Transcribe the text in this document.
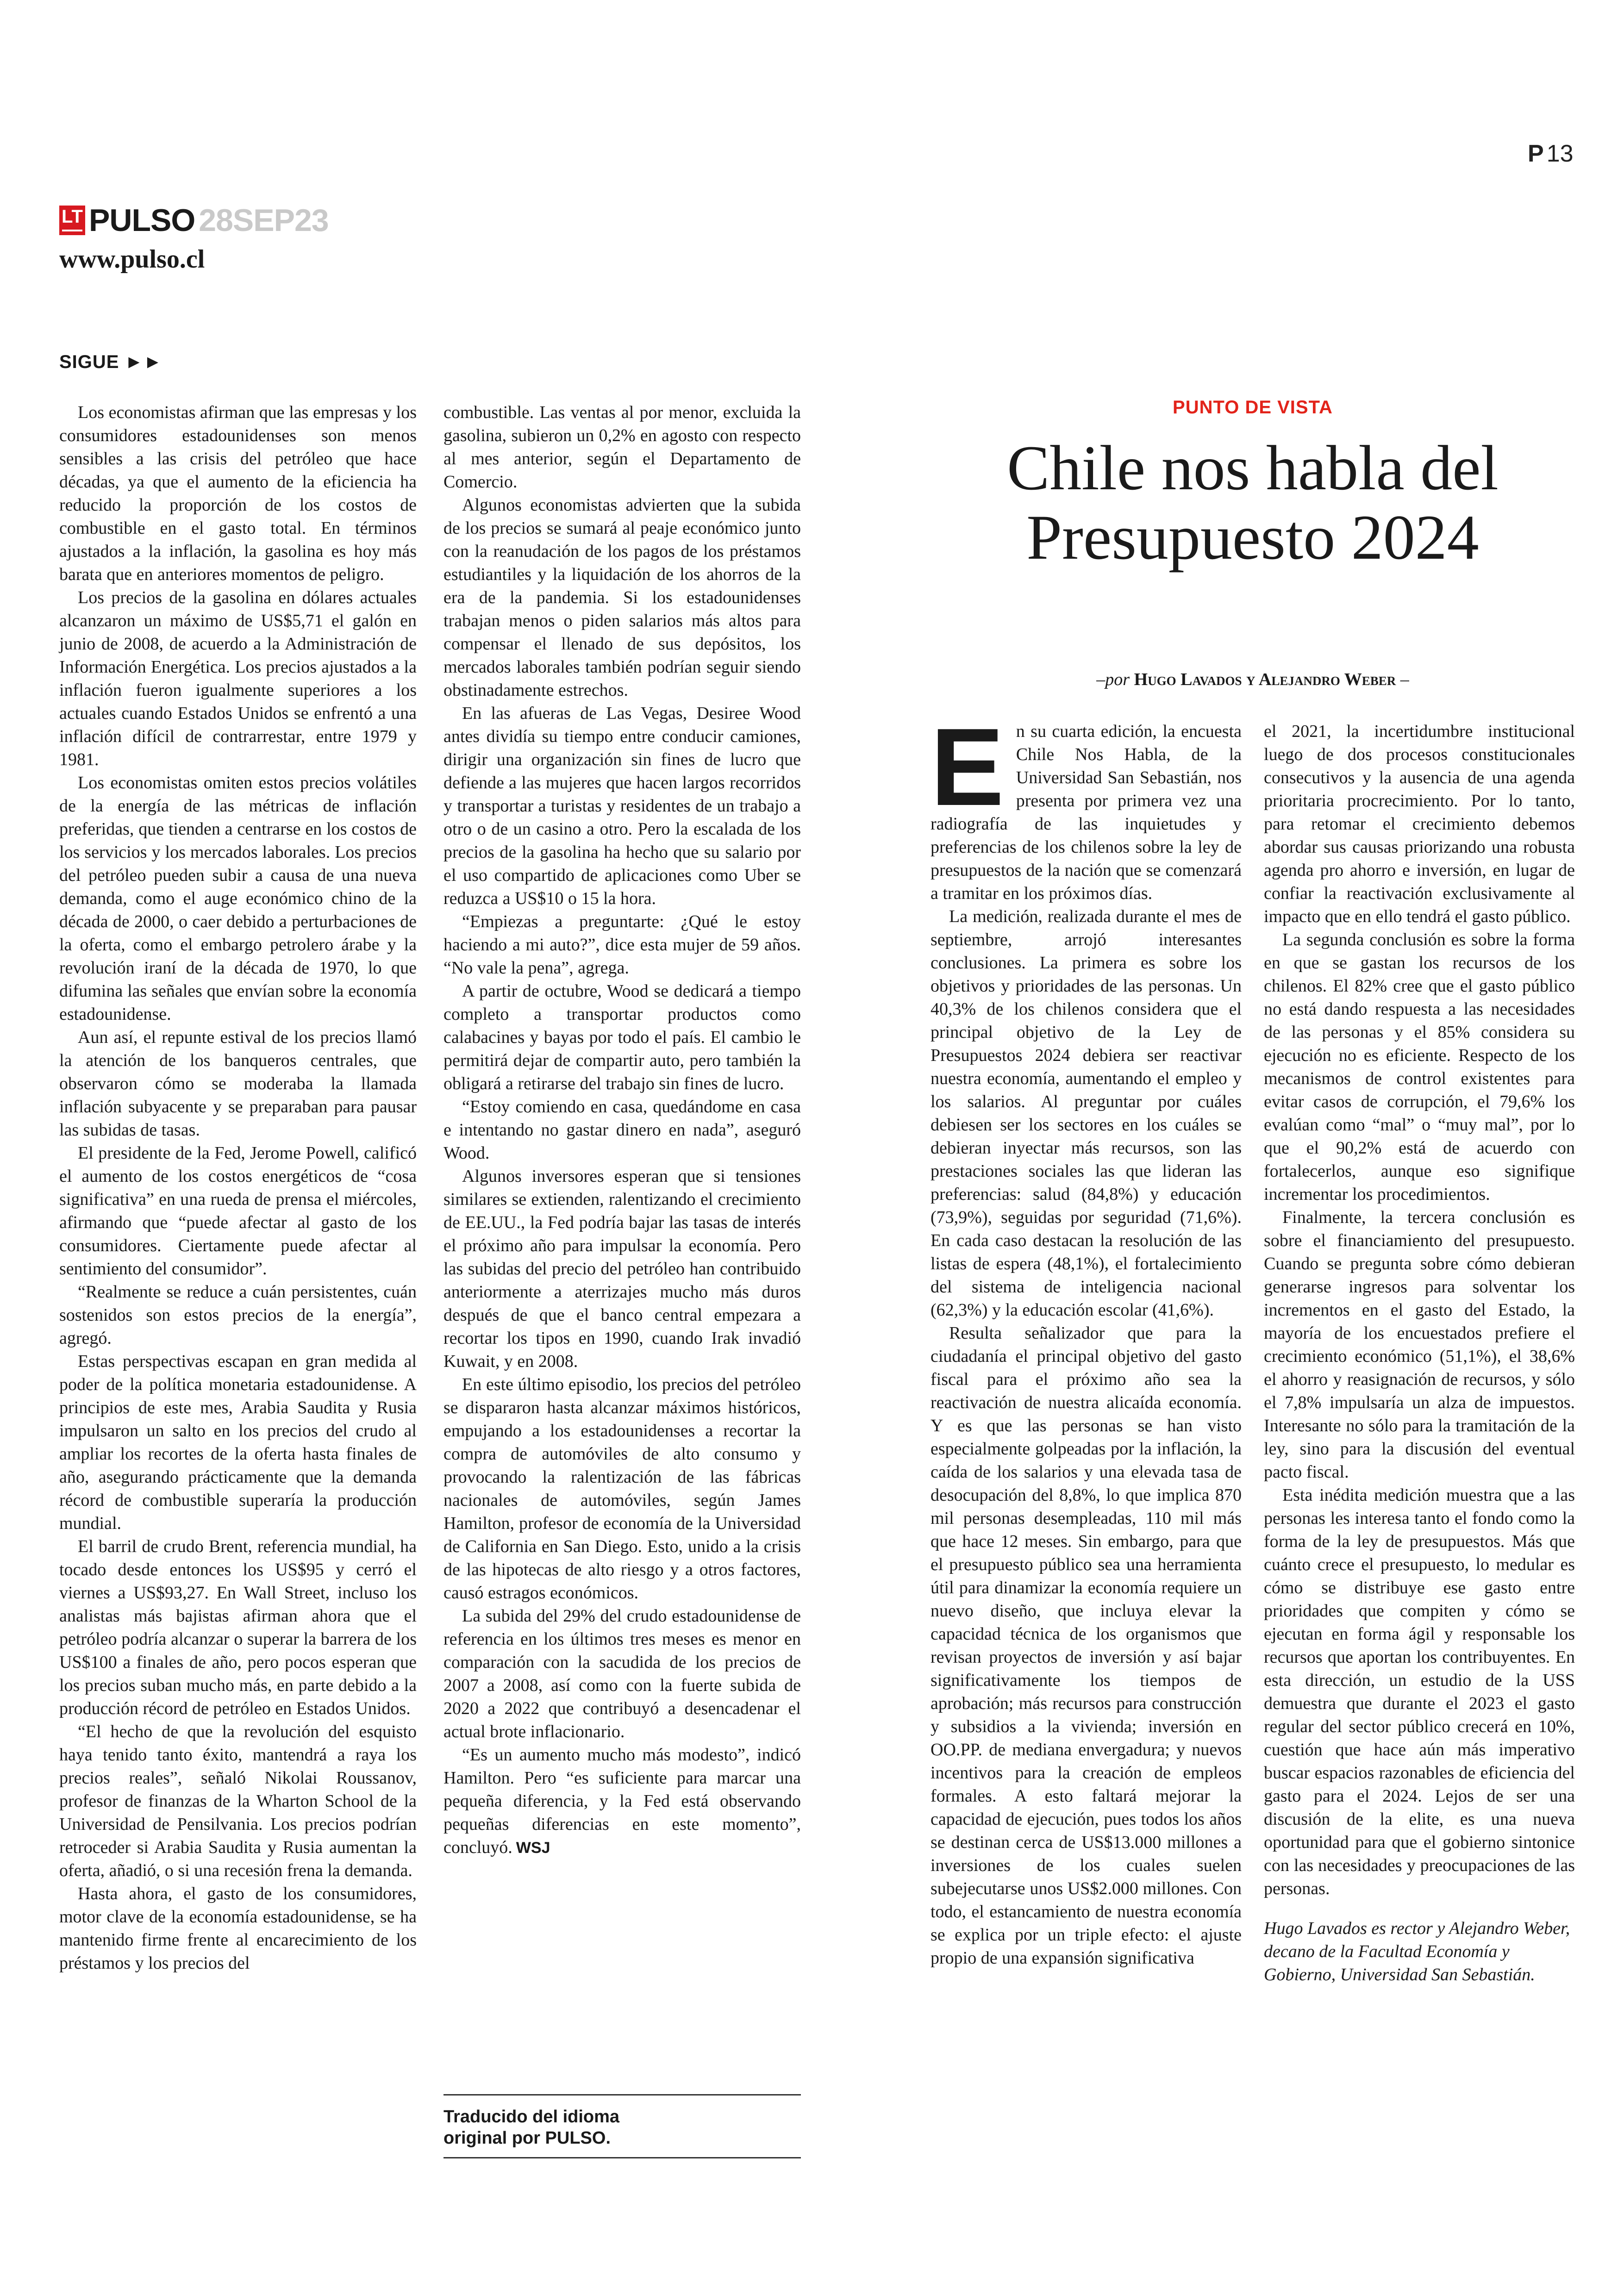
P 13
LT PULSO 28SEP23
www.pulso.cl
SIGUE ►►

Los economistas afirman que las empresas y los consumidores estadounidenses son menos sensibles a las crisis del petróleo que hace décadas, ya que el aumento de la eficiencia ha reducido la proporción de los costos de combustible en el gasto total. En términos ajustados a la inflación, la gasolina es hoy más barata que en anteriores momentos de peligro.

Los precios de la gasolina en dólares actuales alcanzaron un máximo de US$5,71 el galón en junio de 2008, de acuerdo a la Administración de Información Energética. Los precios ajustados a la inflación fueron igualmente superiores a los actuales cuando Estados Unidos se enfrentó a una inflación difícil de contrarrestar, entre 1979 y 1981.

Los economistas omiten estos precios volátiles de la energía de las métricas de inflación preferidas, que tienden a centrarse en los costos de los servicios y los mercados laborales. Los precios del petróleo pueden subir a causa de una nueva demanda, como el auge económico chino de la década de 2000, o caer debido a perturbaciones de la oferta, como el embargo petrolero árabe y la revolución iraní de la década de 1970, lo que difumina las señales que envían sobre la economía estadounidense.

Aun así, el repunte estival de los precios llamó la atención de los banqueros centrales, que observaron cómo se moderaba la llamada inflación subyacente y se preparaban para pausar las subidas de tasas.

El presidente de la Fed, Jerome Powell, calificó el aumento de los costos energéticos de “cosa significativa” en una rueda de prensa el miércoles, afirmando que “puede afectar al gasto de los consumidores. Ciertamente puede afectar al sentimiento del consumidor”.

“Realmente se reduce a cuán persistentes, cuán sostenidos son estos precios de la energía”, agregó.

Estas perspectivas escapan en gran medida al poder de la política monetaria estadounidense. A principios de este mes, Arabia Saudita y Rusia impulsaron un salto en los precios del crudo al ampliar los recortes de la oferta hasta finales de año, asegurando prácticamente que la demanda récord de combustible superaría la producción mundial.

El barril de crudo Brent, referencia mundial, ha tocado desde entonces los US$95 y cerró el viernes a US$93,27. En Wall Street, incluso los analistas más bajistas afirman ahora que el petróleo podría alcanzar o superar la barrera de los US$100 a finales de año, pero pocos esperan que los precios suban mucho más, en parte debido a la producción récord de petróleo en Estados Unidos.

“El hecho de que la revolución del esquisto haya tenido tanto éxito, mantendrá a raya los precios reales”, señaló Nikolai Roussanov, profesor de finanzas de la Wharton School de la Universidad de Pensilvania. Los precios podrían retroceder si Arabia Saudita y Rusia aumentan la oferta, añadió, o si una recesión frena la demanda.

Hasta ahora, el gasto de los consumidores, motor clave de la economía estadounidense, se ha mantenido firme frente al encarecimiento de los préstamos y los precios del

combustible. Las ventas al por menor, excluida la gasolina, subieron un 0,2% en agosto con respecto al mes anterior, según el Departamento de Comercio.

Algunos economistas advierten que la subida de los precios se sumará al peaje económico junto con la reanudación de los pagos de los préstamos estudiantiles y la liquidación de los ahorros de la era de la pandemia. Si los estadounidenses trabajan menos o piden salarios más altos para compensar el llenado de sus depósitos, los mercados laborales también podrían seguir siendo obstinadamente estrechos.

En las afueras de Las Vegas, Desiree Wood antes dividía su tiempo entre conducir camiones, dirigir una organización sin fines de lucro que defiende a las mujeres que hacen largos recorridos y transportar a turistas y residentes de un trabajo a otro o de un casino a otro. Pero la escalada de los precios de la gasolina ha hecho que su salario por el uso compartido de aplicaciones como Uber se reduzca a US$10 o 15 la hora.

“Empiezas a preguntarte: ¿Qué le estoy haciendo a mi auto?”, dice esta mujer de 59 años. “No vale la pena”, agrega.

A partir de octubre, Wood se dedicará a tiempo completo a transportar productos como calabacines y bayas por todo el país. El cambio le permitirá dejar de compartir auto, pero también la obligará a retirarse del trabajo sin fines de lucro.

“Estoy comiendo en casa, quedándome en casa e intentando no gastar dinero en nada”, aseguró Wood.

Algunos inversores esperan que si tensiones similares se extienden, ralentizando el crecimiento de EE.UU., la Fed podría bajar las tasas de interés el próximo año para impulsar la economía. Pero las subidas del precio del petróleo han contribuido anteriormente a aterrizajes mucho más duros después de que el banco central empezara a recortar los tipos en 1990, cuando Irak invadió Kuwait, y en 2008.

En este último episodio, los precios del petróleo se dispararon hasta alcanzar máximos históricos, empujando a los estadounidenses a recortar la compra de automóviles de alto consumo y provocando la ralentización de las fábricas nacionales de automóviles, según James Hamilton, profesor de economía de la Universidad de California en San Diego. Esto, unido a la crisis de las hipotecas de alto riesgo y a otros factores, causó estragos económicos.

La subida del 29% del crudo estadounidense de referencia en los últimos tres meses es menor en comparación con la sacudida de los precios de 2007 a 2008, así como con la fuerte subida de 2020 a 2022 que contribuyó a desencadenar el actual brote inflacionario.

“Es un aumento mucho más modesto”, indicó Hamilton. Pero “es suficiente para marcar una pequeña diferencia, y la Fed está observando pequeñas diferencias en este momento”, concluyó. WSJ

Traducido del idioma
original por PULSO.
PUNTO DE VISTA
Chile nos habla del
Presupuesto 2024
–por Hugo Lavados y Alejandro Weber –

En su cuarta edición, la encuesta Chile Nos Habla, de la Universidad San Sebastián, nos presenta por primera vez una radiografía de las inquietudes y preferencias de los chilenos sobre la ley de presupuestos de la nación que se comenzará a tramitar en los próximos días.

La medición, realizada durante el mes de septiembre, arrojó interesantes conclusiones. La primera es sobre los objetivos y prioridades de las personas. Un 40,3% de los chilenos considera que el principal objetivo de la Ley de Presupuestos 2024 debiera ser reactivar nuestra economía, aumentando el empleo y los salarios. Al preguntar por cuáles debiesen ser los sectores en los cuáles se debieran inyectar más recursos, son las prestaciones sociales las que lideran las preferencias: salud (84,8%) y educación (73,9%), seguidas por seguridad (71,6%). En cada caso destacan la resolución de las listas de espera (48,1%), el fortalecimiento del sistema de inteligencia nacional (62,3%) y la educación escolar (41,6%).

Resulta señalizador que para la ciudadanía el principal objetivo del gasto fiscal para el próximo año sea la reactivación de nuestra alicaída economía. Y es que las personas se han visto especialmente golpeadas por la inflación, la caída de los salarios y una elevada tasa de desocupación del 8,8%, lo que implica 870 mil personas desempleadas, 110 mil más que hace 12 meses. Sin embargo, para que el presupuesto público sea una herramienta útil para dinamizar la economía requiere un nuevo diseño, que incluya elevar la capacidad técnica de los organismos que revisan proyectos de inversión y así bajar significativamente los tiempos de aprobación; más recursos para construcción y subsidios a la vivienda; inversión en OO.PP. de mediana envergadura; y nuevos incentivos para la creación de empleos formales. A esto faltará mejorar la capacidad de ejecución, pues todos los años se destinan cerca de US$13.000 millones a inversiones de los cuales suelen subejecutarse unos US$2.000 millones. Con todo, el estancamiento de nuestra economía se explica por un triple efecto: el ajuste propio de una expansión significativa

el 2021, la incertidumbre institucional luego de dos procesos constitucionales consecutivos y la ausencia de una agenda prioritaria procrecimiento. Por lo tanto, para retomar el crecimiento debemos abordar sus causas priorizando una robusta agenda pro ahorro e inversión, en lugar de confiar la reactivación exclusivamente al impacto que en ello tendrá el gasto público.

La segunda conclusión es sobre la forma en que se gastan los recursos de los chilenos. El 82% cree que el gasto público no está dando respuesta a las necesidades de las personas y el 85% considera su ejecución no es eficiente. Respecto de los mecanismos de control existentes para evitar casos de corrupción, el 79,6% los evalúan como “mal” o “muy mal”, por lo que el 90,2% está de acuerdo con fortalecerlos, aunque eso signifique incrementar los procedimientos.

Finalmente, la tercera conclusión es sobre el financiamiento del presupuesto. Cuando se pregunta sobre cómo debieran generarse ingresos para solventar los incrementos en el gasto del Estado, la mayoría de los encuestados prefiere el crecimiento económico (51,1%), el 38,6% el ahorro y reasignación de recursos, y sólo el 7,8% impulsaría un alza de impuestos. Interesante no sólo para la tramitación de la ley, sino para la discusión del eventual pacto fiscal.

Esta inédita medición muestra que a las personas les interesa tanto el fondo como la forma de la ley de presupuestos. Más que cuánto crece el presupuesto, lo medular es cómo se distribuye ese gasto entre prioridades que compiten y cómo se ejecutan en forma ágil y responsable los recursos que aportan los contribuyentes. En esta dirección, un estudio de la USS demuestra que durante el 2023 el gasto regular del sector público crecerá en 10%, cuestión que hace aún más imperativo buscar espacios razonables de eficiencia del gasto para el 2024. Lejos de ser una discusión de la elite, es una nueva oportunidad para que el gobierno sintonice con las necesidades y preocupaciones de las personas.

Hugo Lavados es rector y Alejandro Weber, decano de la Facultad Economía y Gobierno, Universidad San Sebastián.
